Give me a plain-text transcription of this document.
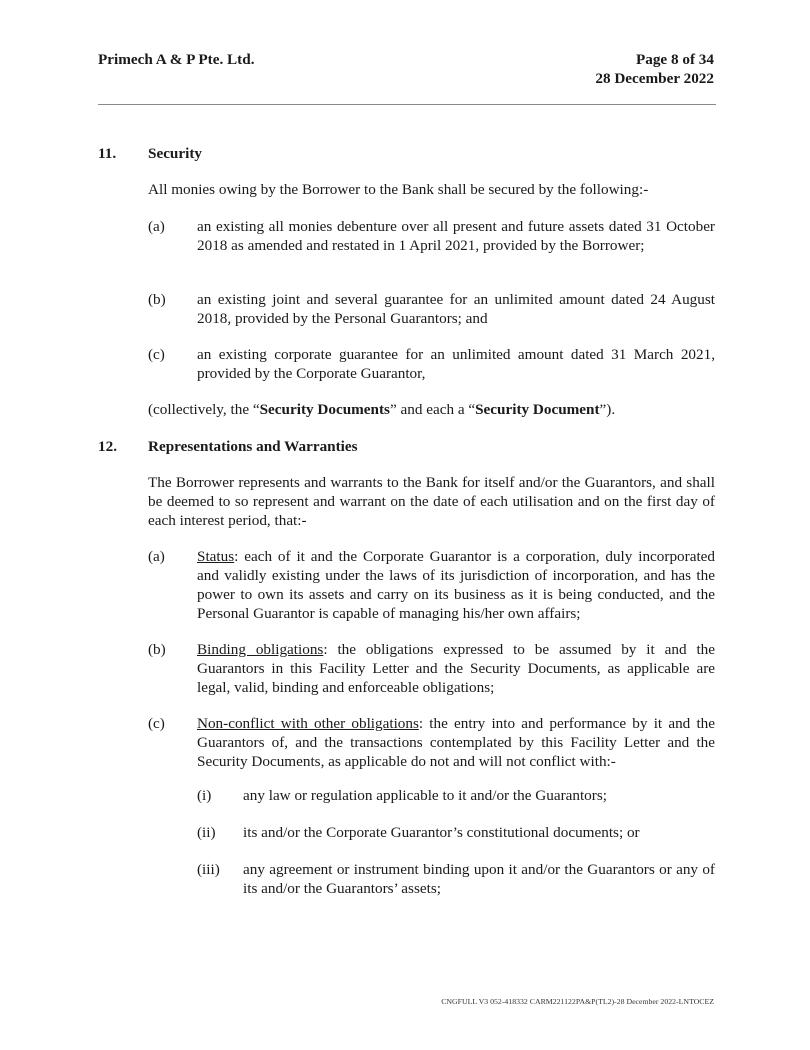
Primech A & P Pte. Ltd.	Page 8 of 34
28 December 2022
11. Security
All monies owing by the Borrower to the Bank shall be secured by the following:-
(a) an existing all monies debenture over all present and future assets dated 31 October 2018 as amended and restated in 1 April 2021, provided by the Borrower;
(b) an existing joint and several guarantee for an unlimited amount dated 24 August 2018, provided by the Personal Guarantors; and
(c) an existing corporate guarantee for an unlimited amount dated 31 March 2021, provided by the Corporate Guarantor,
(collectively, the “Security Documents” and each a “Security Document”).
12. Representations and Warranties
The Borrower represents and warrants to the Bank for itself and/or the Guarantors, and shall be deemed to so represent and warrant on the date of each utilisation and on the first day of each interest period, that:-
(a) Status: each of it and the Corporate Guarantor is a corporation, duly incorporated and validly existing under the laws of its jurisdiction of incorporation, and has the power to own its assets and carry on its business as it is being conducted, and the Personal Guarantor is capable of managing his/her own affairs;
(b) Binding obligations: the obligations expressed to be assumed by it and the Guarantors in this Facility Letter and the Security Documents, as applicable are legal, valid, binding and enforceable obligations;
(c) Non-conflict with other obligations: the entry into and performance by it and the Guarantors of, and the transactions contemplated by this Facility Letter and the Security Documents, as applicable do not and will not conflict with:-
(i) any law or regulation applicable to it and/or the Guarantors;
(ii) its and/or the Corporate Guarantor’s constitutional documents; or
(iii) any agreement or instrument binding upon it and/or the Guarantors or any of its and/or the Guarantors’ assets;
CNGFULL V3 052-418332 CARM221122PA&P(TL2)-28 December 2022-LNTOCEZ
